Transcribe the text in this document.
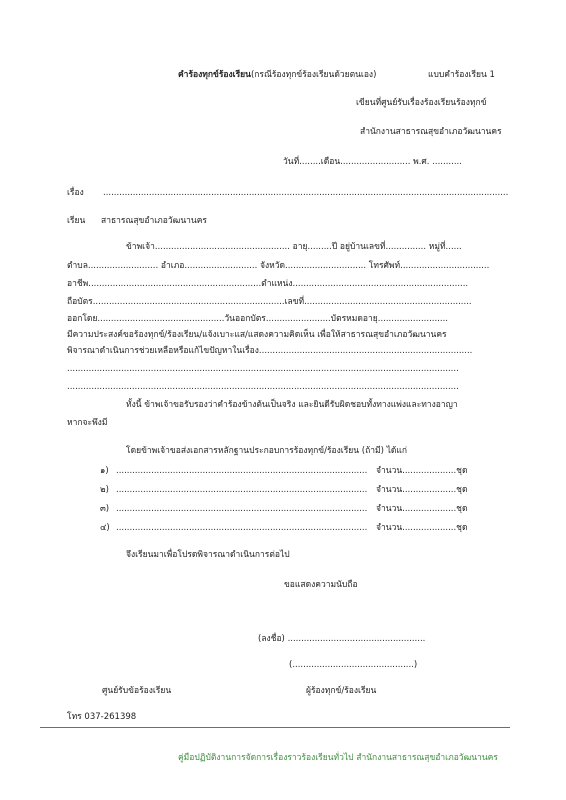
คำร้องทุกข์ร้องเรียน(กรณีร้องทุกข์ร้องเรียนด้วยตนเอง)	แบบคำร้องเรียน 1
เขียนที่ศูนย์รับเรื่องร้องเรียนร้องทุกข์
สำนักงานสาธารณสุขอำเภอวัฒนานคร
วันที่........เดือน.......................... พ.ศ. ...........
เรื่อง ......................................................................................................................................................
เรียน สาธารณสุขอำเภอวัฒนานคร
ข้าพเจ้า.................................................. อายุ.........ปี อยู่บ้านเลขที่............... หมู่ที่......
ตำบล.......................... อำเภอ........................... จังหวัด.............................. โทรศัพท์.................................
อาชีพ................................................................ตำแหน่ง.................................................................
ถือบัตร.......................................................................เลขที่..............................................................
ออกโดย...............................................วันออกบัตร........................บัตรหมดอายุ..........................
มีความประสงค์ขอร้องทุกข์/ร้องเรียน/แจ้งเบาะแส/แสดงความคิดเห็น เพื่อให้สาธารณสุขอำเภอวัฒนานคร
พิจารณาดำเนินการช่วยเหลือหรือแก้ไขปัญหาในเรื่อง...............................................................................
.................................................................................................................................................
.................................................................................................................................................
ทั้งนี้ ข้าพเจ้าขอรับรองว่าคำร้องข้างต้นเป็นจริง และยินดีรับผิดชอบทั้งทางแพ่งและทางอาญา
หากจะพึงมี
โดยข้าพเจ้าขอส่งเอกสารหลักฐานประกอบการร้องทุกข์/ร้องเรียน (ถ้ามี) ได้แก่
๑) ............................................................................................. จำนวน....................ชุด
๒) ............................................................................................. จำนวน....................ชุด
๓) ............................................................................................. จำนวน....................ชุด
๔) ............................................................................................. จำนวน....................ชุด
จึงเรียนมาเพื่อโปรดพิจารณาดำเนินการต่อไป
ขอแสดงความนับถือ
(ลงชื่อ) ...................................................
(.............................................)
ศูนย์รับข้อร้องเรียน	ผู้ร้องทุกข์/ร้องเรียน
โทร 037-261398
คู่มือปฏิบัติงานการจัดการเรื่องราวร้องเรียนทั่วไป สำนักงานสาธารณสุขอำเภอวัฒนานคร
